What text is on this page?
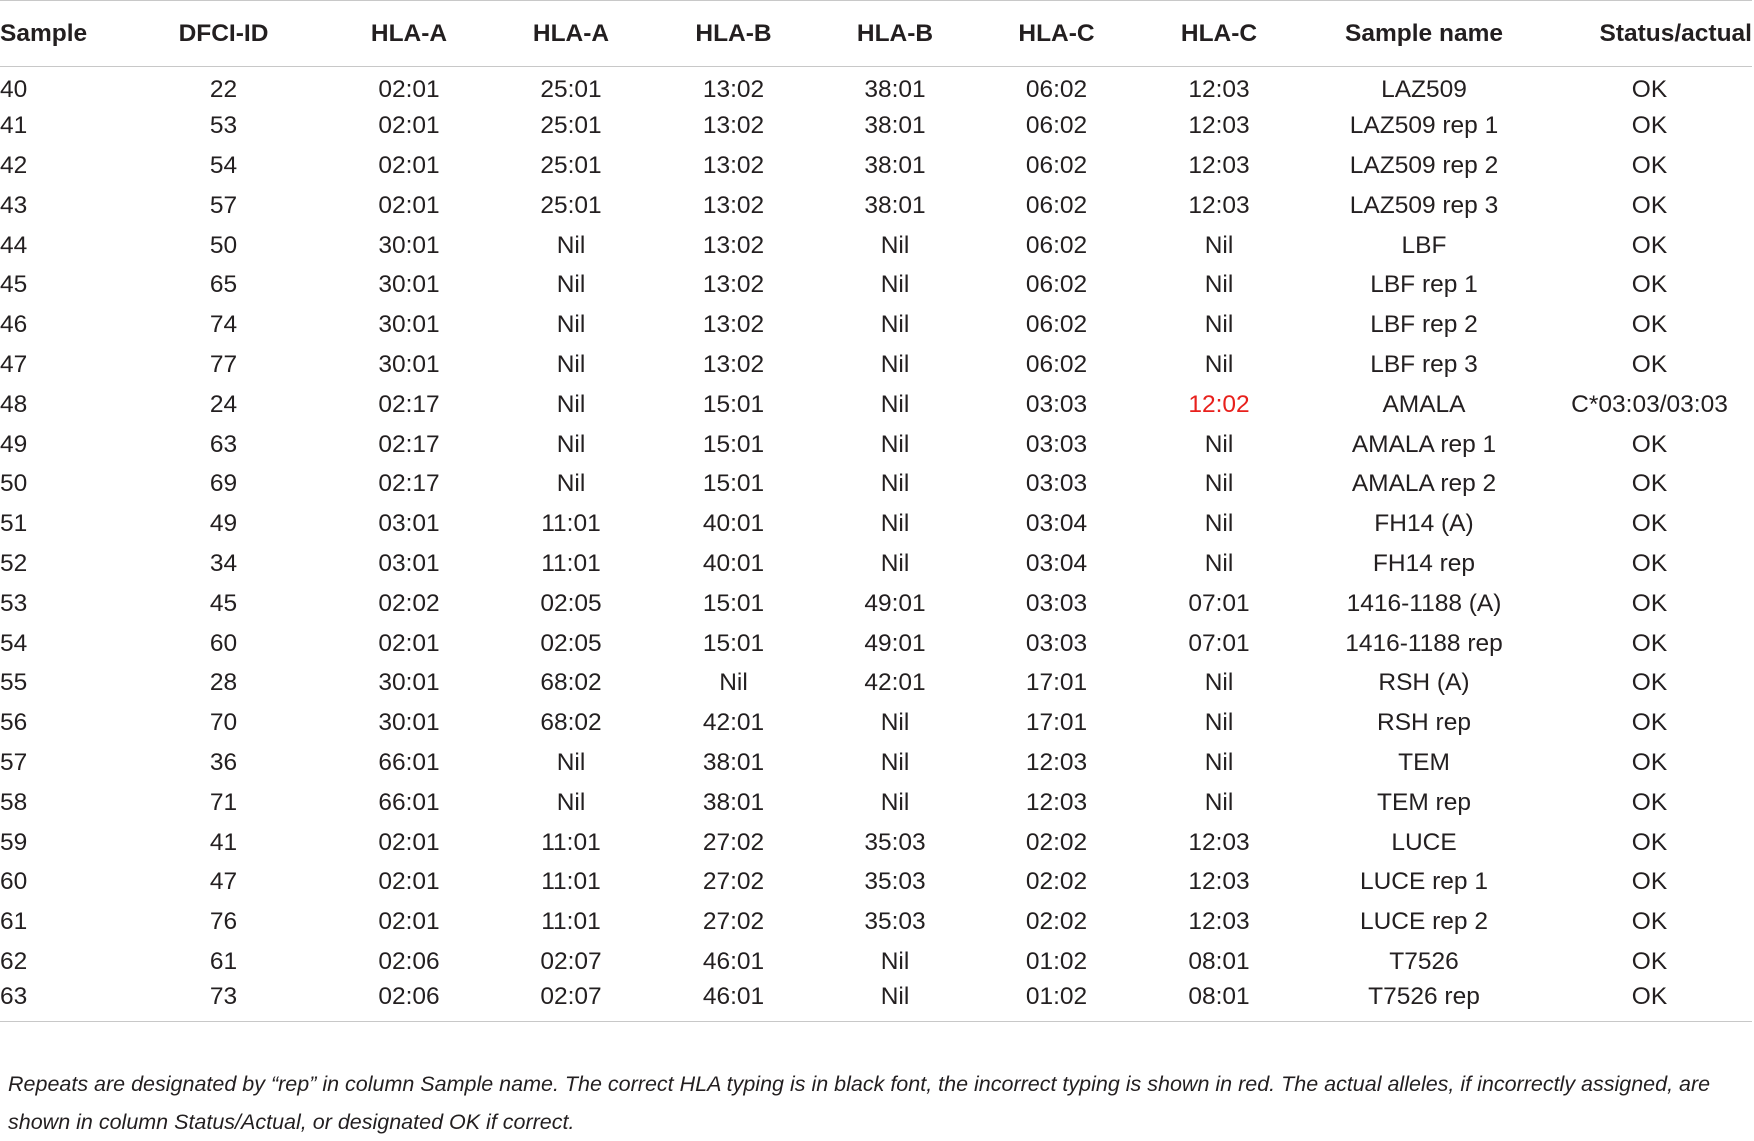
Sample	DFCI-ID	HLA-A	HLA-A	HLA-B	HLA-B	HLA-C	HLA-C	Sample name	Status/actual
40	22	02:01	25:01	13:02	38:01	06:02	12:03	LAZ509	OK
41	53	02:01	25:01	13:02	38:01	06:02	12:03	LAZ509 rep 1	OK
42	54	02:01	25:01	13:02	38:01	06:02	12:03	LAZ509 rep 2	OK
43	57	02:01	25:01	13:02	38:01	06:02	12:03	LAZ509 rep 3	OK
44	50	30:01	Nil	13:02	Nil	06:02	Nil	LBF	OK
45	65	30:01	Nil	13:02	Nil	06:02	Nil	LBF rep 1	OK
46	74	30:01	Nil	13:02	Nil	06:02	Nil	LBF rep 2	OK
47	77	30:01	Nil	13:02	Nil	06:02	Nil	LBF rep 3	OK
48	24	02:17	Nil	15:01	Nil	03:03	12:02	AMALA	C*03:03/03:03
49	63	02:17	Nil	15:01	Nil	03:03	Nil	AMALA rep 1	OK
50	69	02:17	Nil	15:01	Nil	03:03	Nil	AMALA rep 2	OK
51	49	03:01	11:01	40:01	Nil	03:04	Nil	FH14 (A)	OK
52	34	03:01	11:01	40:01	Nil	03:04	Nil	FH14 rep	OK
53	45	02:02	02:05	15:01	49:01	03:03	07:01	1416-1188 (A)	OK
54	60	02:01	02:05	15:01	49:01	03:03	07:01	1416-1188 rep	OK
55	28	30:01	68:02	Nil	42:01	17:01	Nil	RSH (A)	OK
56	70	30:01	68:02	42:01	Nil	17:01	Nil	RSH rep	OK
57	36	66:01	Nil	38:01	Nil	12:03	Nil	TEM	OK
58	71	66:01	Nil	38:01	Nil	12:03	Nil	TEM rep	OK
59	41	02:01	11:01	27:02	35:03	02:02	12:03	LUCE	OK
60	47	02:01	11:01	27:02	35:03	02:02	12:03	LUCE rep 1	OK
61	76	02:01	11:01	27:02	35:03	02:02	12:03	LUCE rep 2	OK
62	61	02:06	02:07	46:01	Nil	01:02	08:01	T7526	OK
63	73	02:06	02:07	46:01	Nil	01:02	08:01	T7526 rep	OK
Repeats are designated by “rep” in column Sample name. The correct HLA typing is in black font, the incorrect typing is shown in red. The actual alleles, if incorrectly assigned, are shown in column Status/Actual, or designated OK if correct.
